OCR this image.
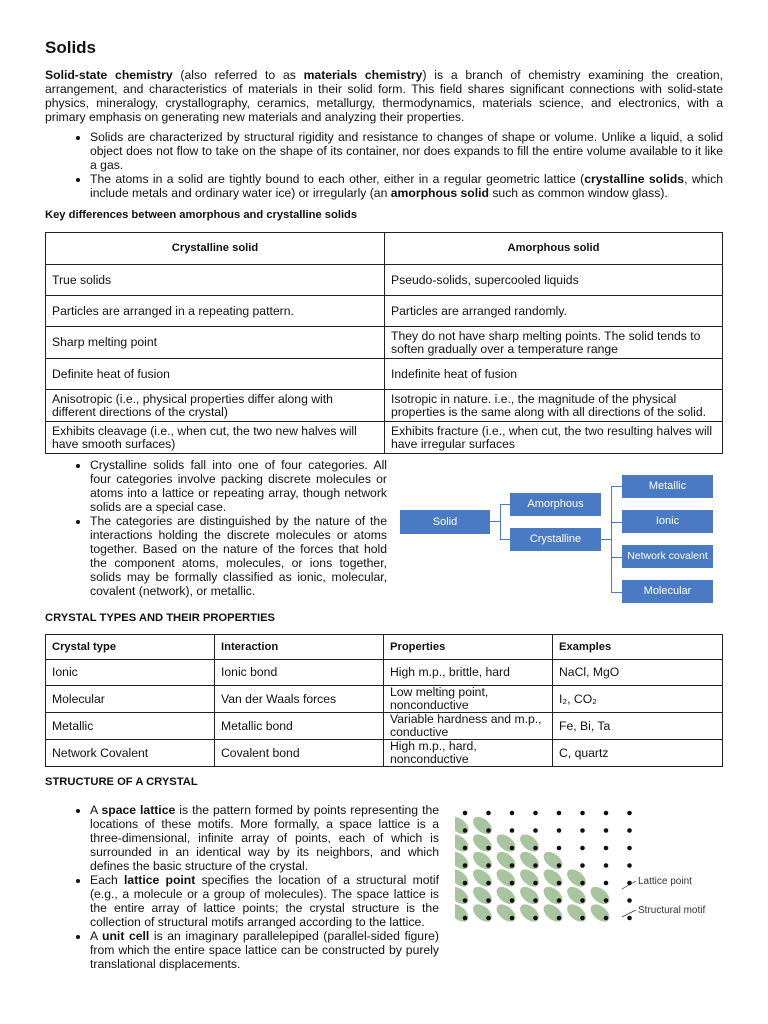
Solids

Solid-state chemistry (also referred to as materials chemistry) is a branch of chemistry examining the creation, arrangement, and characteristics of materials in their solid form. This field shares significant connections with solid-state physics, mineralogy, crystallography, ceramics, metallurgy, thermodynamics, materials science, and electronics, with a primary emphasis on generating new materials and analyzing their properties.

• Solids are characterized by structural rigidity and resistance to changes of shape or volume. Unlike a liquid, a solid object does not flow to take on the shape of its container, nor does expands to fill the entire volume available to it like a gas.
• The atoms in a solid are tightly bound to each other, either in a regular geometric lattice (crystalline solids, which include metals and ordinary water ice) or irregularly (an amorphous solid such as common window glass).
Key differences between amorphous and crystalline solids
Crystalline solid	Amorphous solid
True solids	Pseudo-solids, supercooled liquids
Particles are arranged in a repeating pattern.	Particles are arranged randomly.
Sharp melting point	They do not have sharp melting points. The solid tends to soften gradually over a temperature range
Definite heat of fusion	Indefinite heat of fusion
Anisotropic (i.e., physical properties differ along with different directions of the crystal)	Isotropic in nature. i.e., the magnitude of the physical properties is the same along with all directions of the solid.
Exhibits cleavage (i.e., when cut, the two new halves will have smooth surfaces)	Exhibits fracture (i.e., when cut, the two resulting halves will have irregular surfaces
• Crystalline solids fall into one of four categories. All four categories involve packing discrete molecules or atoms into a lattice or repeating array, though network solids are a special case.
• The categories are distinguished by the nature of the interactions holding the discrete molecules or atoms together. Based on the nature of the forces that hold the component atoms, molecules, or ions together, solids may be formally classified as ionic, molecular, covalent (network), or metallic.
Solid
Amorphous
Crystalline
Metallic
Ionic
Network covalent
Molecular
CRYSTAL TYPES AND THEIR PROPERTIES
Crystal type	Interaction	Properties	Examples
Ionic	Ionic bond	High m.p., brittle, hard	NaCl, MgO
Molecular	Van der Waals forces	Low melting point, nonconductive	I₂, CO₂
Metallic	Metallic bond	Variable hardness and m.p., conductive	Fe, Bi, Ta
Network Covalent	Covalent bond	High m.p., hard, nonconductive	C, quartz
STRUCTURE OF A CRYSTAL
• A space lattice is the pattern formed by points representing the locations of these motifs. More formally, a space lattice is a three-dimensional, infinite array of points, each of which is surrounded in an identical way by its neighbors, and which defines the basic structure of the crystal.
• Each lattice point specifies the location of a structural motif (e.g., a molecule or a group of molecules). The space lattice is the entire array of lattice points; the crystal structure is the collection of structural motifs arranged according to the lattice.
• A unit cell is an imaginary parallelepiped (parallel-sided figure) from which the entire space lattice can be constructed by purely translational displacements.
Lattice point
Structural motif
